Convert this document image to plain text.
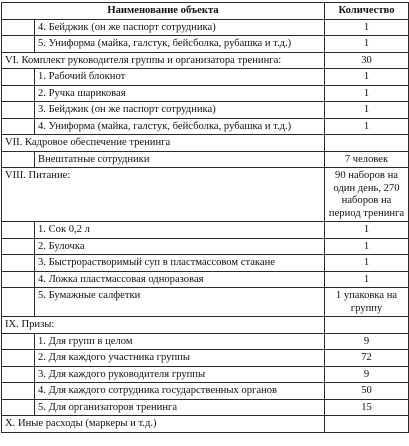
Наименование объекта		Количество
	4. Бейджик (он же паспорт сотрудника)	1
	5. Униформа (майка, галстук, бейсболка, рубашка и т.д.)	1
VI. Комплект руководителя группы и организатора тренинга:		30
	1. Рабочий блокнот	1
	2. Ручка шариковая	1
	3. Бейджик (он же паспорт сотрудника)	1
	4. Униформа (майка, галстук, бейсболка, рубашка и т.д.)	1
VII. Кадровое обеспечение тренинга		
	Внештатные сотрудники	7 человек
VIII. Питание:		90 наборов на один день, 270 наборов на период тренинга
	1. Сок 0,2 л	1
	2. Булочка	1
	3. Быстрорастворимый суп в пластмассовом стакане	1
	4. Ложка пластмассовая одноразовая	1
	5. Бумажные салфетки	1 упаковка на группу
IX. Призы:		
	1. Для групп в целом	9
	2. Для каждого участника группы	72
	3. Для каждого руководителя группы	9
	4. Для каждого сотрудника государственных органов	50
	5. Для организаторов тренинга	15
X. Иные расходы (маркеры и т.д.)		
